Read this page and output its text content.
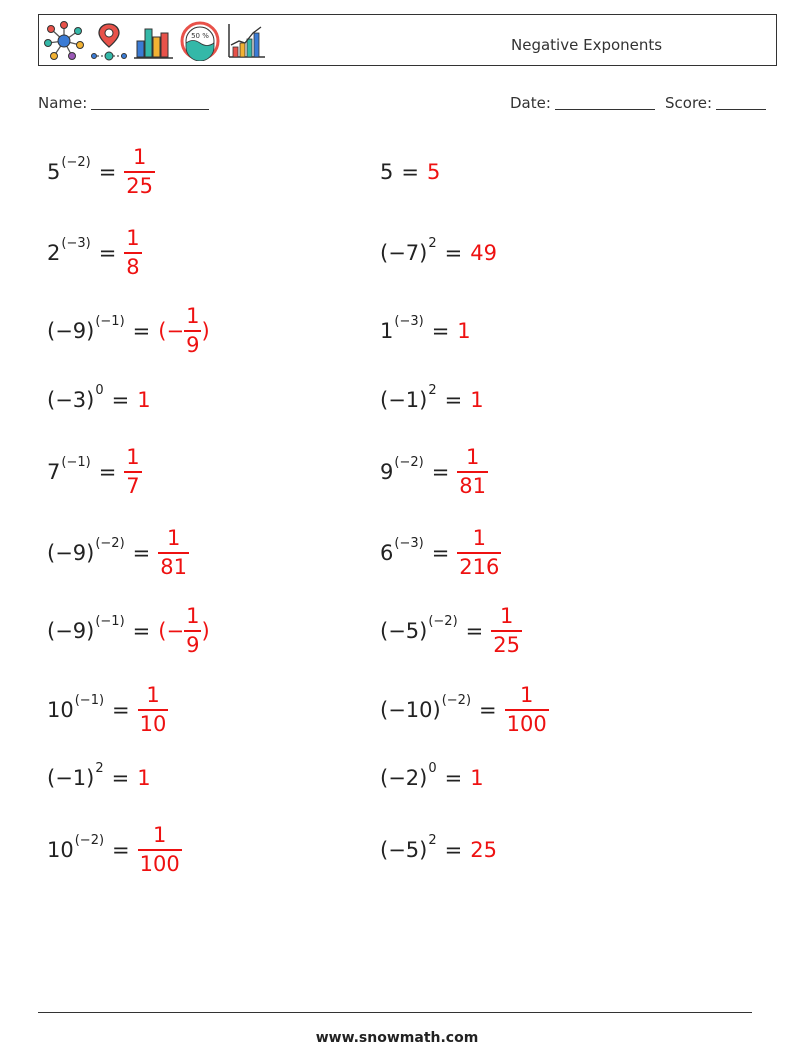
50 %	Negative Exponents
Name:	Date:	Score:
5 $(-2) = \frac{1}{25}$	5 = 5
2 $(-3) = \frac{1}{8}$	(−7) 2 = 49
(−9) (−1) = (− $\frac{1}{9}$ )	1 (−3) = 1
(−3) 0 = 1	(−1) 2 = 1
7 $(-1) = \frac{1}{7}$	9 $(-2) = \frac{1}{81}$
(−9) $(-2) = \frac{1}{81}$	6 $(-3) = \frac{1}{216}$
(−9) (−1) = (− $\frac{1}{9}$ )	(−5) $(-2) = \frac{1}{25}$
10 $(-1) = \frac{1}{10}$	(−10) $(-2) = \frac{1}{100}$
(−1) 2 = 1	(−2) 0 = 1
10 $(-2) = \frac{1}{100}$	(−5) 2 = 25
www.snowmath.com
